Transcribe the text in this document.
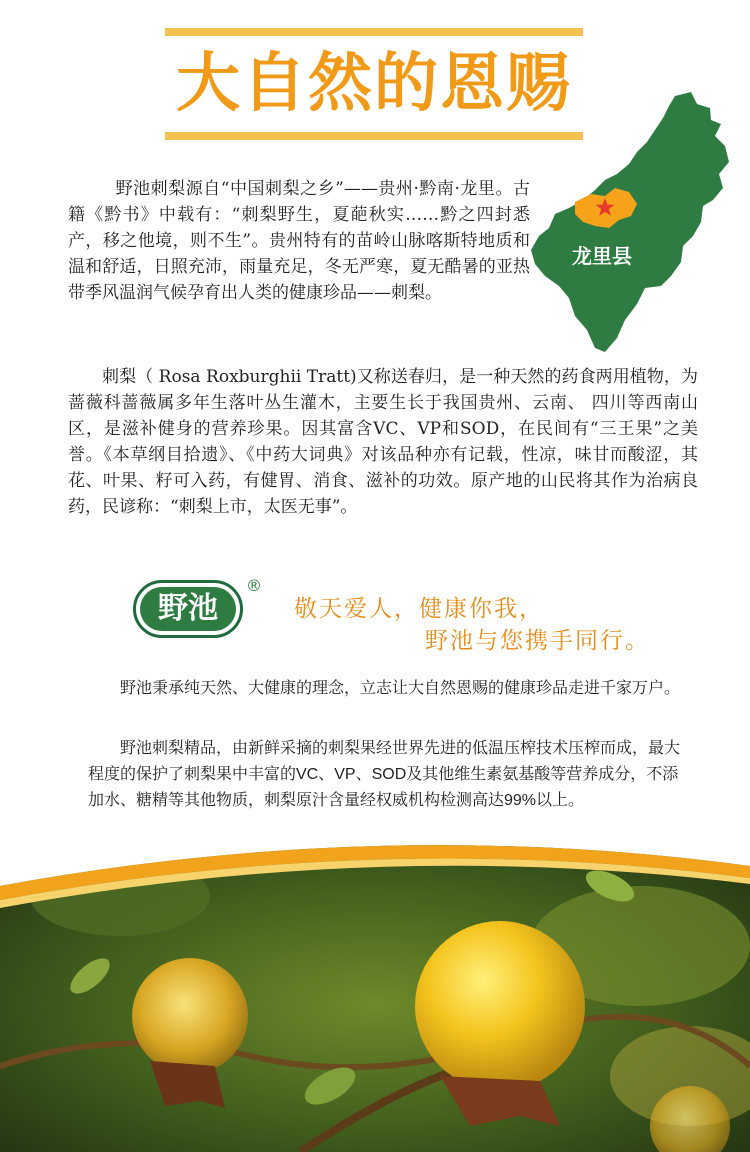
大自然的恩赐
龙里县

野池刺梨源自“中国刺梨之乡”——贵州·黔南·龙里。古籍《黔书》中载有：“刺梨野生，夏葩秋实……黔之四封悉产，移之他境，则不生”。贵州特有的苗岭山脉喀斯特地质和温和舒适，日照充沛，雨量充足，冬无严寒，夏无酷暑的亚热带季风温润气候孕育出人类的健康珍品——刺梨。

刺梨（ Rosa Roxburghii Tratt)又称送春归，是一种天然的药食两用植物，为蔷薇科蔷薇属多年生落叶丛生灌木，主要生长于我国贵州、云南、 四川等西南山区，是滋补健身的营养珍果。因其富含VC、VP和SOD，在民间有“三王果”之美誉。《本草纲目拾遗》、《中药大词典》对该品种亦有记载，性凉，味甘而酸涩，其花、叶果、籽可入药，有健胃、消食、滋补的功效。原产地的山民将其作为治病良药，民谚称：“刺梨上市，太医无事”。

野池
®
敬天爱人，健康你我，
野池与您携手同行。

野池秉承纯天然、大健康的理念，立志让大自然恩赐的健康珍品走进千家万户。

野池刺梨精品，由新鲜采摘的刺梨果经世界先进的低温压榨技术压榨而成，最大程度的保护了刺梨果中丰富的VC、VP、SOD及其他维生素氨基酸等营养成分，不添加水、糖精等其他物质，刺梨原汁含量经权威机构检测高达99%以上。
